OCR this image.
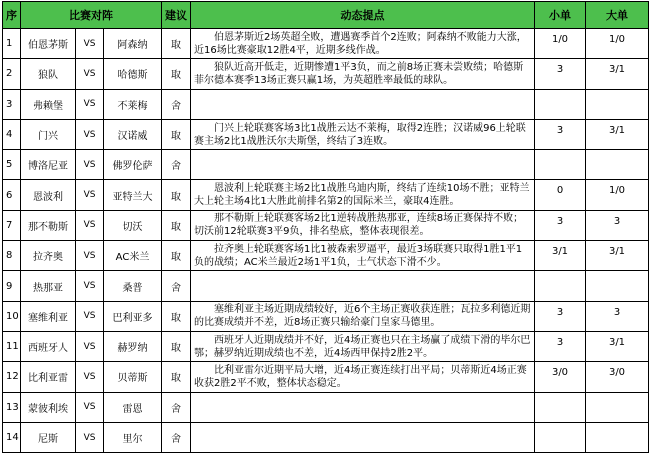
序	比赛对阵			建议	动态提点	小单	大单
1	伯恩茅斯	VS	阿森纳	取	伯恩茅斯近2场英超全败，遭遇赛季首个2连败；阿森纳不败能力大涨，近16场比赛豪取12胜4平，近期多线作战。	1/0	1/0
2	狼队	VS	哈德斯	取	狼队近高开低走，近期惨遭1平3负，而之前8场正赛未尝败绩；哈德斯菲尔德本赛季13场正赛只赢1场，为英超胜率最低的球队。	3	3/1
3	弗赖堡	VS	不莱梅	舍	

4	门兴	VS	汉诺威	取	门兴上轮联赛客场3比1战胜云达不莱梅，取得2连胜；汉诺威96上轮联赛主场2比1战胜沃尔夫斯堡，终结了3连败。	3	3/1
5	博洛尼亚	VS	佛罗伦萨	舍	

6	恩波利	VS	亚特兰大	取	恩波利上轮联赛主场2比1战胜乌迪内斯，终结了连续10场不胜；亚特兰大上轮主场4比1大胜此前排名第2的国际米兰，豪取4连胜。	0	1/0
7	那不勒斯	VS	切沃	取	那不勒斯上轮联赛客场2比1逆转战胜热那亚，连续8场正赛保持不败；切沃前12轮联赛3平9负，排名垫底，整体表现很差。	3	3
8	拉齐奥	VS	AC米兰	取	拉齐奥上轮联赛客场1比1被森索罗逼平，最近3场联赛只取得1胜1平1负的战绩；AC米兰最近2场1平1负，士气状态下滑不少。	3/1	3/1
9	热那亚	VS	桑普	舍	

10	塞维利亚	VS	巴利亚多	取	塞维利亚主场近期成绩较好，近6个主场正赛收获连胜；瓦拉多利德近期的比赛成绩并不差，近8场正赛只输给豪门皇家马德里。	3	3
11	西班牙人	VS	赫罗纳	取	西班牙人近期成绩并不好，近4场正赛也只在主场赢了成绩下滑的毕尔巴鄂；赫罗纳近期成绩也不差，近4场西甲保持2胜2平。	3	3/1
12	比利亚雷	VS	贝蒂斯	取	比利亚雷尔近期平局大增，近4场正赛连续打出平局；贝蒂斯近4场正赛收获2胜2平不败，整体状态稳定。	3/0	3/0
13	蒙彼利埃	VS	雷恩	舍	

14	尼斯	VS	里尔	舍	
